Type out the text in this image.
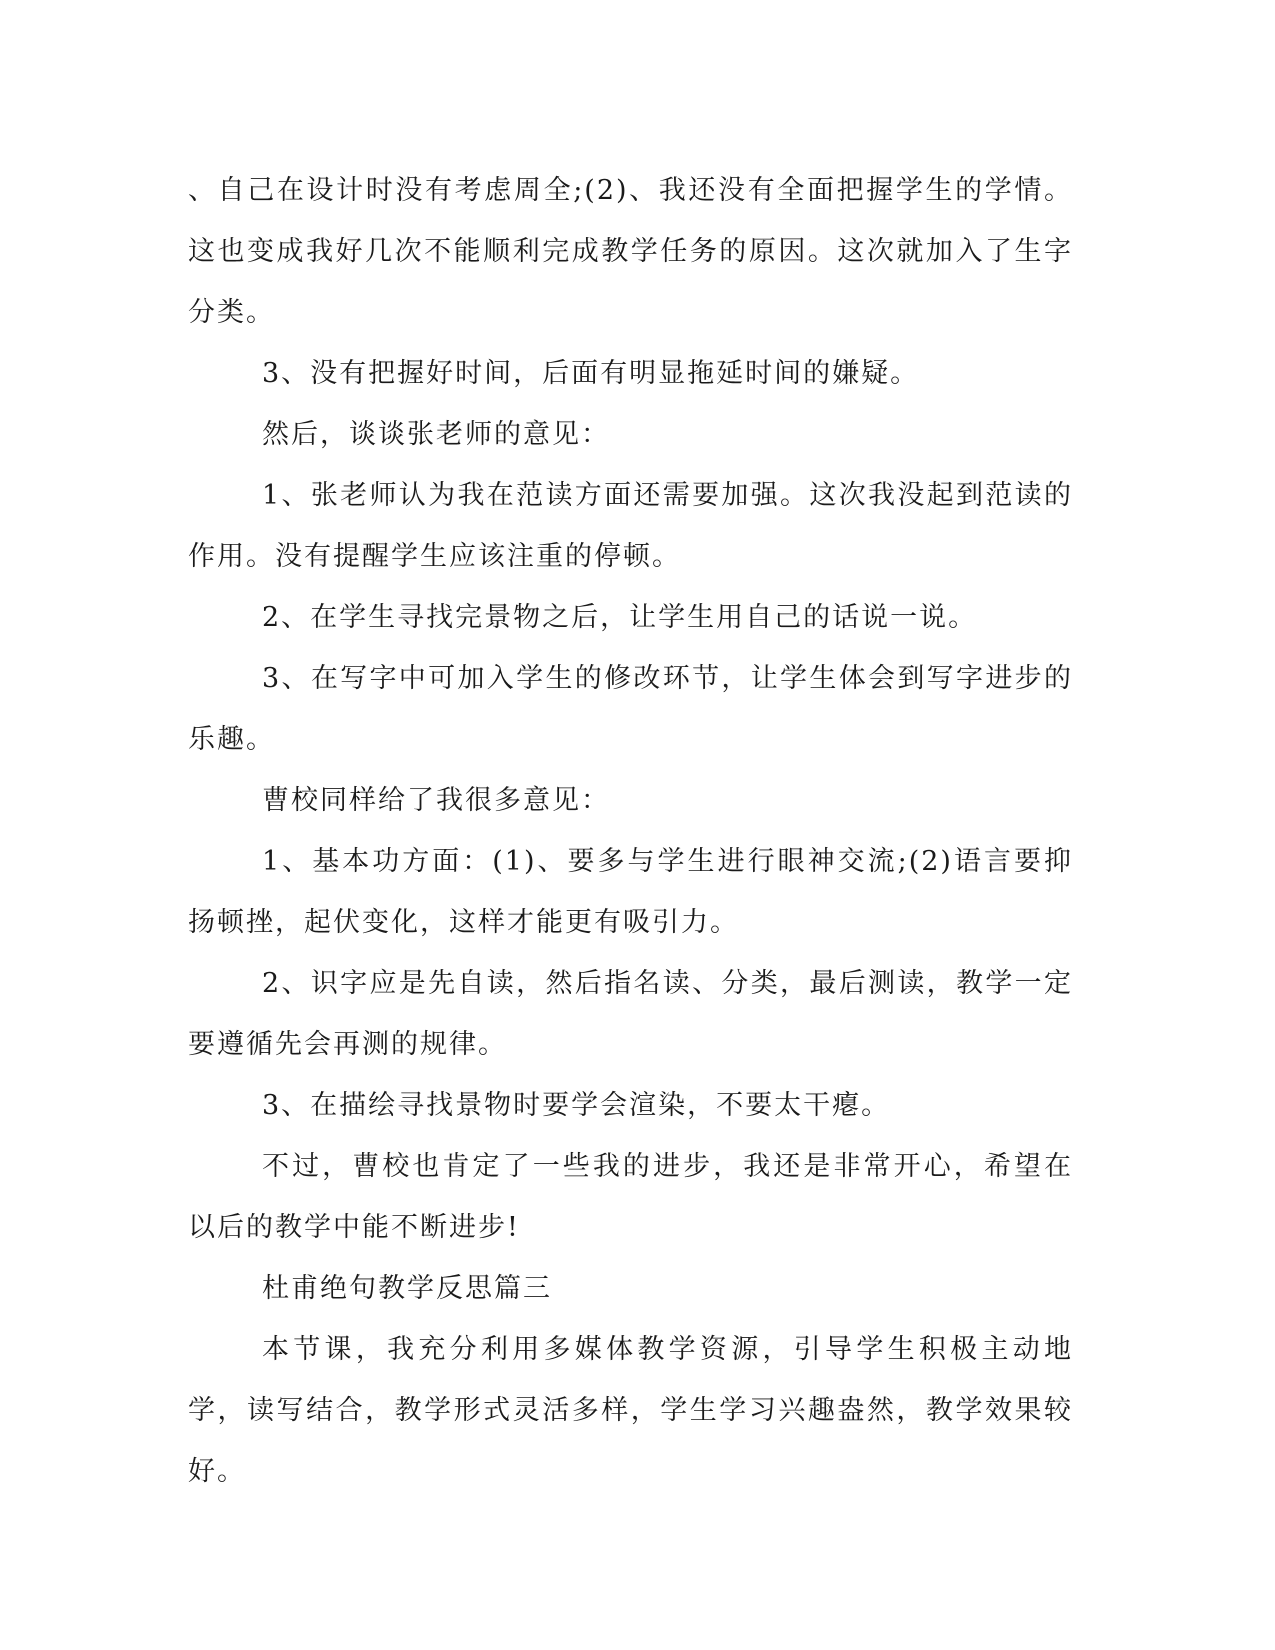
、自己在设计时没有考虑周全;(2)、我还没有全面把握学生的学情。这也变成我好几次不能顺利完成教学任务的原因。这次就加入了生字分类。

3、没有把握好时间，后面有明显拖延时间的嫌疑。

然后，谈谈张老师的意见：

1、张老师认为我在范读方面还需要加强。这次我没起到范读的作用。没有提醒学生应该注重的停顿。

2、在学生寻找完景物之后，让学生用自己的话说一说。

3、在写字中可加入学生的修改环节，让学生体会到写字进步的乐趣。

曹校同样给了我很多意见：

1、基本功方面：(1)、要多与学生进行眼神交流;(2)语言要抑扬顿挫，起伏变化，这样才能更有吸引力。

2、识字应是先自读，然后指名读、分类，最后测读，教学一定要遵循先会再测的规律。

3、在描绘寻找景物时要学会渲染，不要太干瘪。

不过，曹校也肯定了一些我的进步，我还是非常开心，希望在以后的教学中能不断进步!

杜甫绝句教学反思篇三

本节课，我充分利用多媒体教学资源，引导学生积极主动地学，读写结合，教学形式灵活多样，学生学习兴趣盎然，教学效果较好。
